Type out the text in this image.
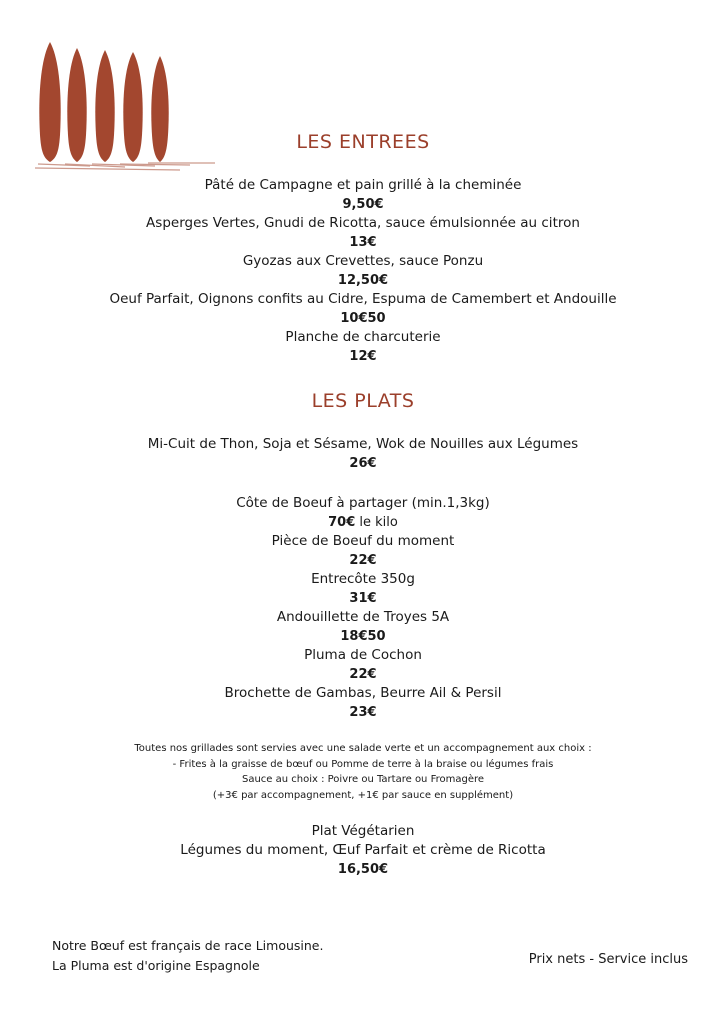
LES ENTREES
Pâté de Campagne et pain grillé à la cheminée
9,50€
Asperges Vertes, Gnudi de Ricotta, sauce émulsionnée au citron
13€
Gyozas aux Crevettes, sauce Ponzu
12,50€
Oeuf Parfait, Oignons confits au Cidre, Espuma de Camembert et Andouille
10€50
Planche de charcuterie
12€
LES PLATS
Mi-Cuit de Thon, Soja et Sésame, Wok de Nouilles aux Légumes
26€
Côte de Boeuf à partager (min.1,3kg)
70€ le kilo
Pièce de Boeuf du moment
22€
Entrecôte 350g
31€
Andouillette de Troyes 5A
18€50
Pluma de Cochon
22€
Brochette de Gambas, Beurre Ail & Persil
23€
Toutes nos grillades sont servies avec une salade verte et un accompagnement aux choix :
- Frites à la graisse de bœuf ou Pomme de terre à la braise ou légumes frais
Sauce au choix : Poivre ou Tartare ou Fromagère
(+3€ par accompagnement, +1€ par sauce en supplément)
Plat Végétarien
Légumes du moment, Œuf Parfait et crème de Ricotta
16,50€
Notre Bœuf est français de race Limousine.
La Pluma est d'origine Espagnole	Prix nets - Service inclus
